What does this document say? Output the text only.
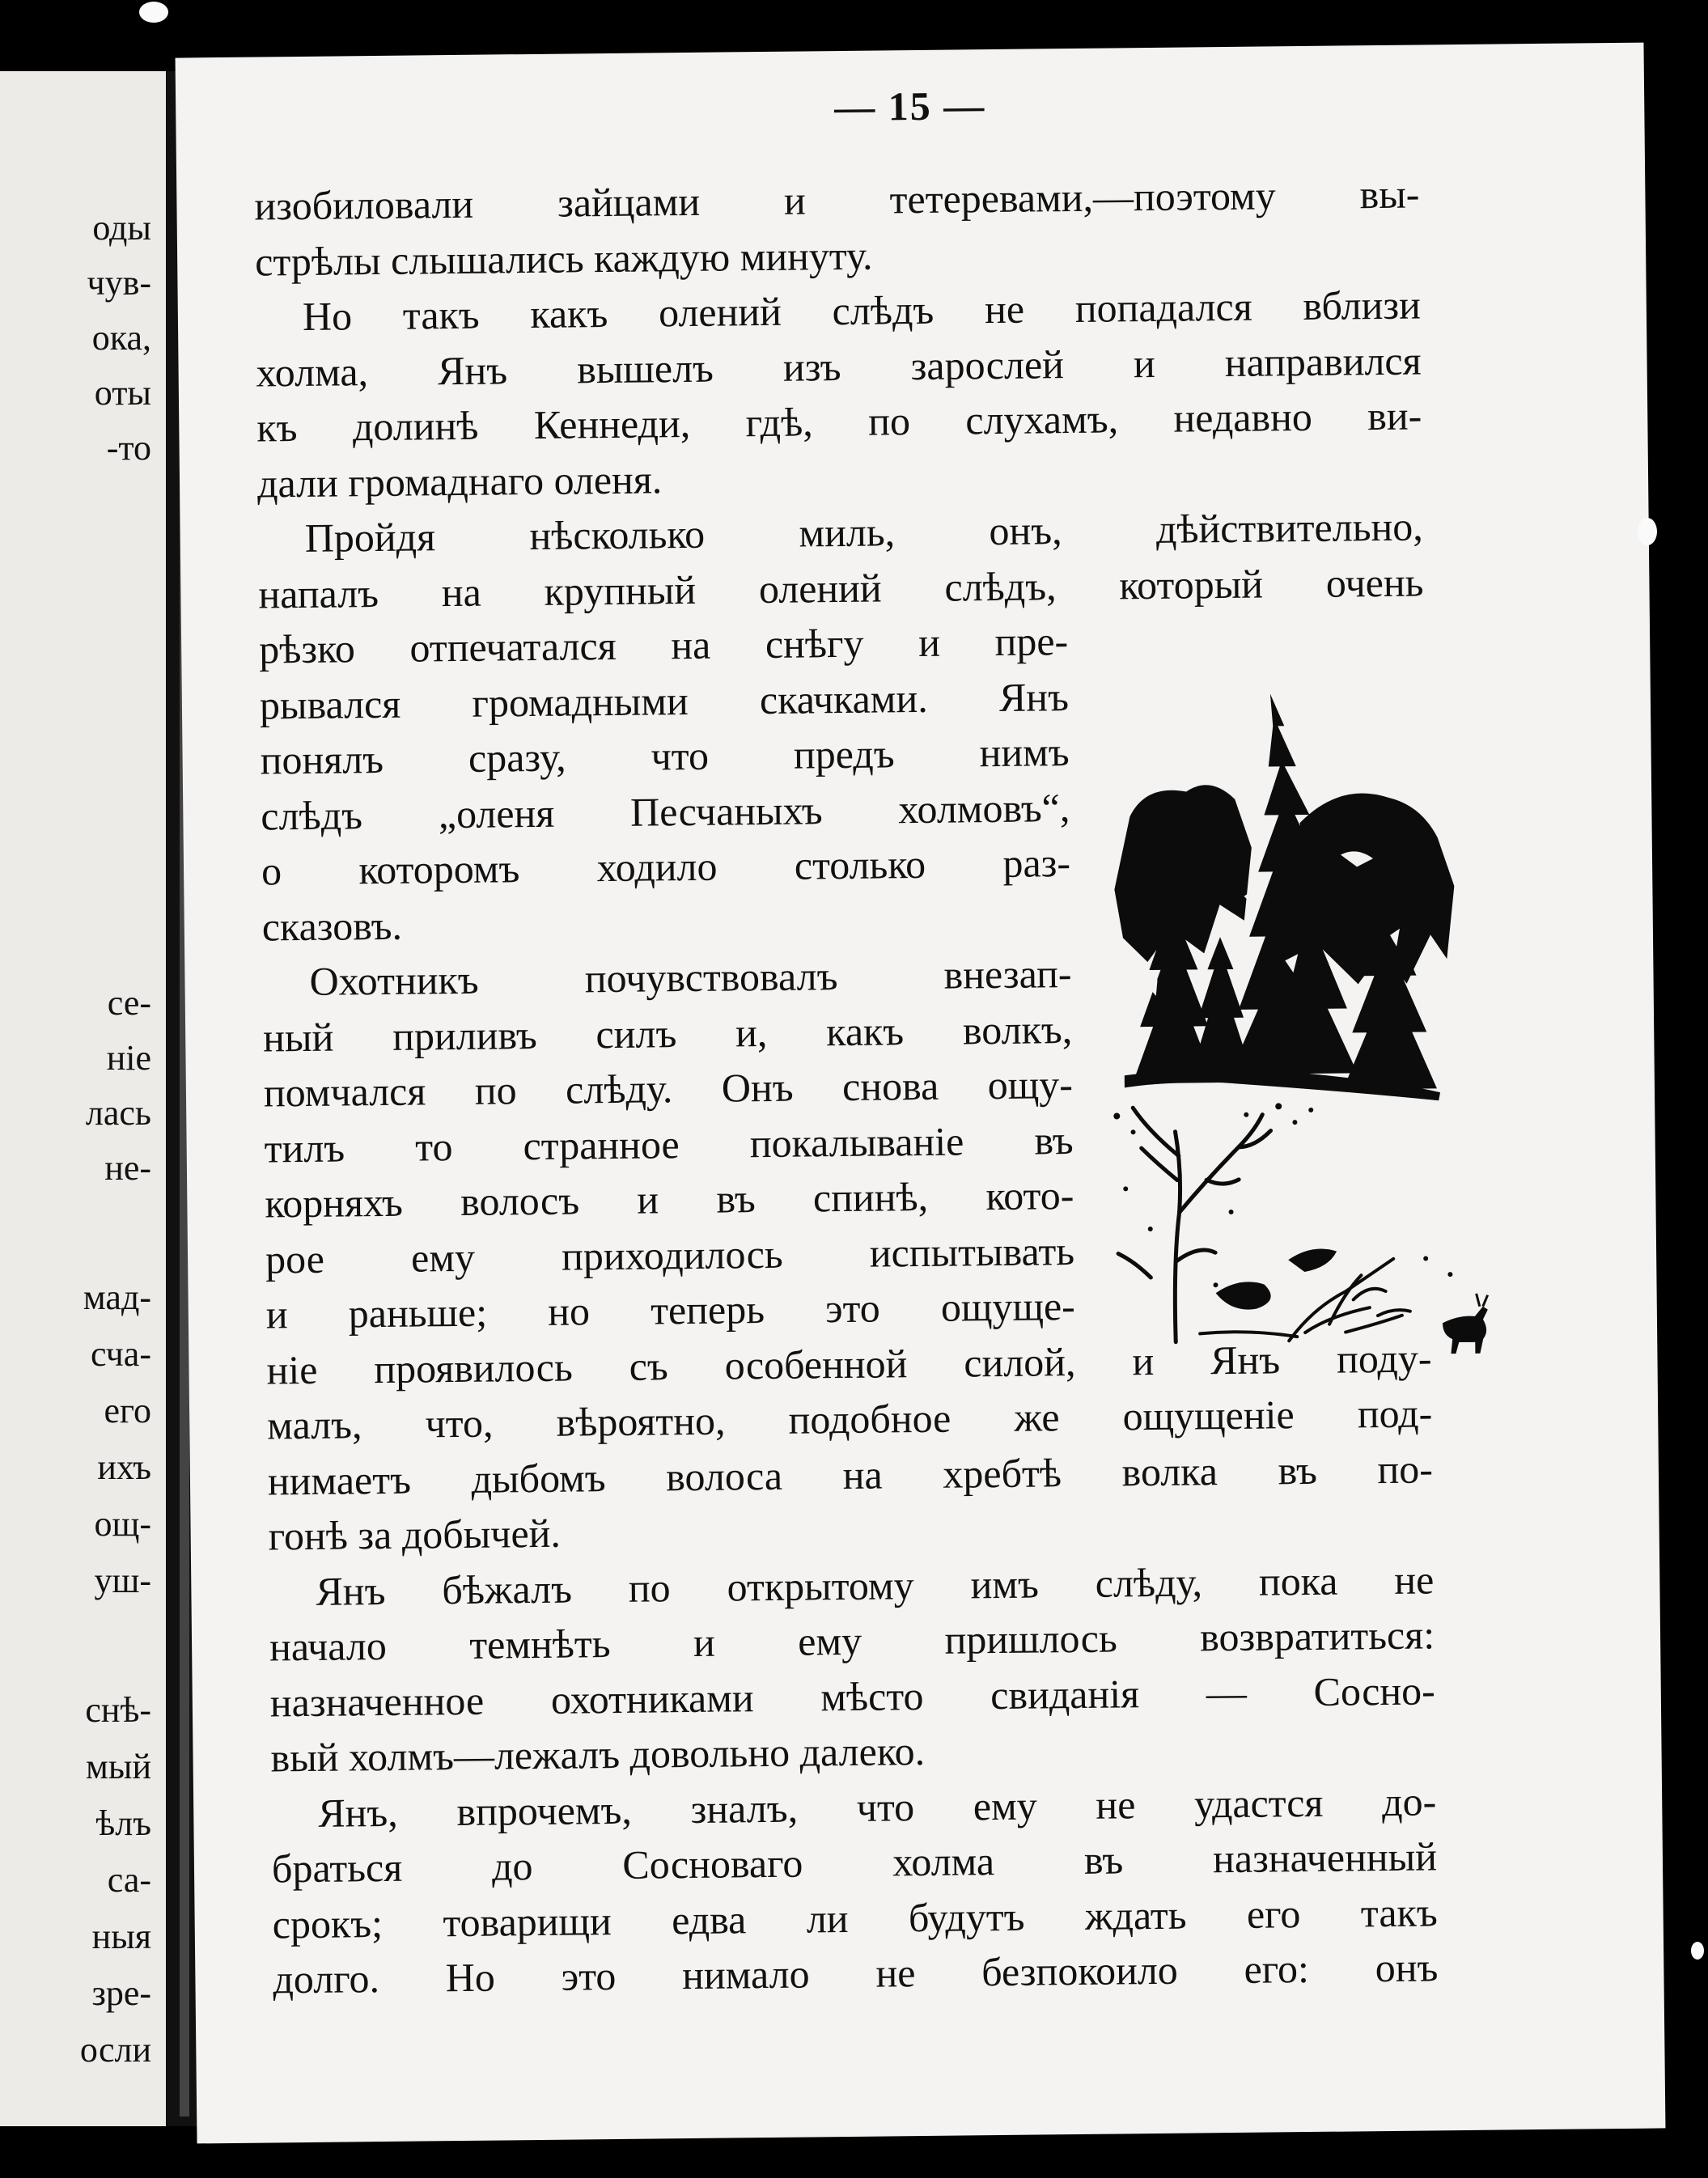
оды
чув-
ока,
оты
-то
се-
ніе
лась
не-
мад-
сча-
его
ихъ
ощ-
уш-
снѣ-
мый
ѣлъ
са-
ныя
зре-
осли
— 15 —
изобиловали зайцами и тетеревами,—поэтому вы-
стрѣлы слышались каждую минуту.
Но такъ какъ олений слѣдъ не попадался вблизи
холма, Янъ вышелъ изъ зарослей и направился
къ долинѣ Кеннеди, гдѣ, по слухамъ, недавно ви-
дали громаднаго оленя.
Пройдя нѣсколько миль, онъ, дѣйствительно,
напалъ на крупный олений слѣдъ, который очень
рѣзко отпечатался на снѣгу и пре-
рывался громадными скачками. Янъ
понялъ сразу, что предъ нимъ
слѣдъ „оленя Песчаныхъ холмовъ“,
о которомъ ходило столько раз-
сказовъ.
Охотникъ почувствовалъ внезап-
ный приливъ силъ и, какъ волкъ,
помчался по слѣду. Онъ снова ощу-
тилъ то странное покалываніе въ
корняхъ волосъ и въ спинѣ, кото-
рое ему приходилось испытывать
и раньше; но теперь это ощуще-
ніе проявилось съ особенной силой, и Янъ поду-
малъ, что, вѣроятно, подобное же ощущеніе под-
нимаетъ дыбомъ волоса на хребтѣ волка въ по-
гонѣ за добычей.
Янъ бѣжалъ по открытому имъ слѣду, пока не
начало темнѣть и ему пришлось возвратиться:
назначенное охотниками мѣсто свиданія — Сосно-
вый холмъ—лежалъ довольно далеко.
Янъ, впрочемъ, зналъ, что ему не удастся до-
браться до Сосноваго холма въ назначенный
срокъ; товарищи едва ли будутъ ждать его такъ
долго. Но это нимало не безпокоило его: онъ
